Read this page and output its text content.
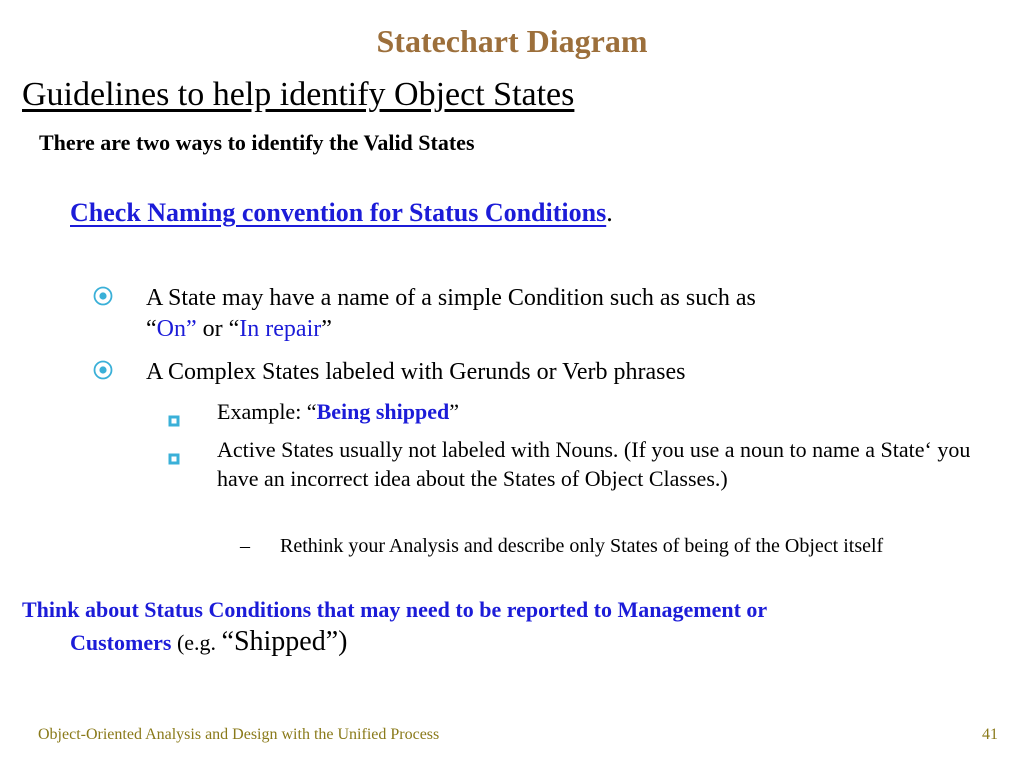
Statechart Diagram
Guidelines to help identify Object States
There are two ways to identify the Valid States
Check Naming convention for Status Conditions.
A State may have a name of a simple Condition such as such as
“On” or “In repair”
A Complex States labeled with Gerunds or Verb phrases
Example: “Being shipped”
Active States usually not labeled with Nouns. (If you use a noun to name a State‘ you have an incorrect idea about the States of Object Classes.)
– Rethink your Analysis and describe only States of being of the Object itself
Think about Status Conditions that may need to be reported to Management or
Customers (e.g. “Shipped”)
Object-Oriented Analysis and Design with the Unified Process	41
